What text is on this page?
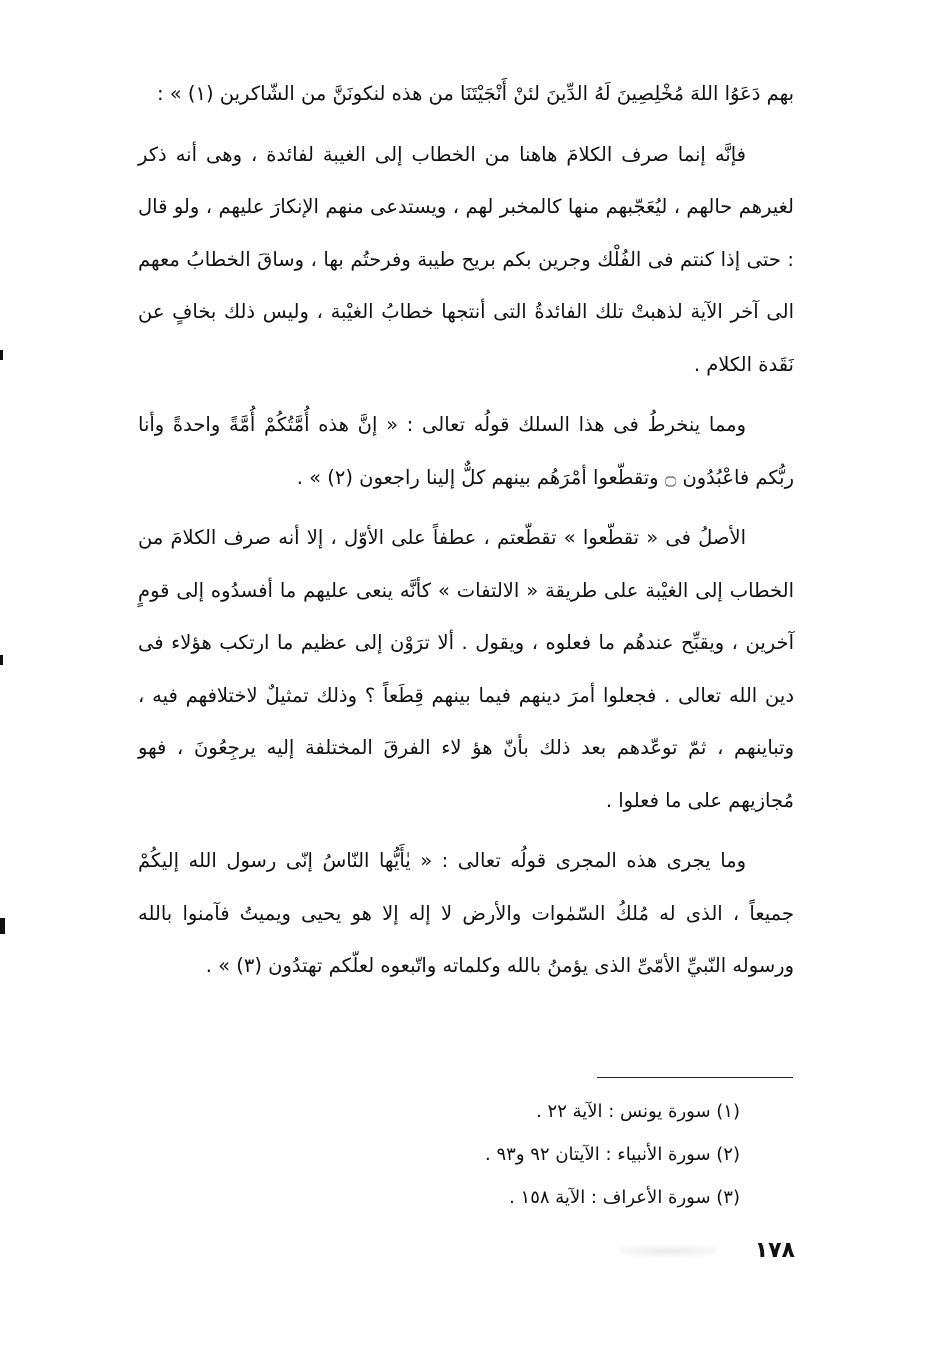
بهم دَعَوُا اللهَ مُخْلِصِينَ لَهُ الدِّينَ لئنْ أَنْجَيْتَنَا من هذه لنكونَنَّ من الشّاكرين (١) » :

فإنَّه إنما صرف الكلامَ هاهنا من الخطاب إلى الغيبة لفائدة ، وهى أنه ذكر لغيرهم حالهم ، ليُعَجّبهم منها كالمخبر لهم ، ويستدعى منهم الإنكارَ عليهم ، ولو قال : حتى إذا كنتم فى الفُلْك وجرين بكم بريح طيبة وفرحتُم بها ، وساقَ الخطابُ معهم الى آخر الآية لذهبتْ تلك الفائدةُ التى أنتجها خطابُ الغيْبة ، وليس ذلك بخافٍ عن نَقَدة الكلام .

ومما ينخرطُ فى هذا السلك قولُه تعالى : « إنَّ هذه أُمَّتُكُمْ أُمَّةً واحدةً وأنا ربُّكم فاعْبُدُون ۝ وتقطّعوا أمْرَهُم بينهم كلٌّ إلينا راجعون (٢) » .

الأصلُ فى « تقطّعوا » تقطّعتم ، عطفاً على الأوّل ، إلا أنه صرف الكلامَ من الخطاب إلى الغيْبة على طريقة « الالتفات » كأنَّه ينعى عليهم ما أفسدُوه إلى قومٍ آخرين ، ويقبِّح عندهُم ما فعلوه ، ويقول . ألا ترَوْن إلى عظيم ما ارتكب هؤلاء فى دين الله تعالى . فجعلوا أمرَ دينهم فيما بينهم قِطَعاً ؟ وذلك تمثيلٌ لاختلافهم فيه ، وتباينهم ، ثمّ توعّدهم بعد ذلك بأنّ هؤ لاء الفرقَ المختلفة إليه يرجِعُونَ ، فهو مُجازيهم على ما فعلوا .

وما يجرى هذه المجرى قولُه تعالى : « يٰأَيُّها النّاسُ إنّى رسول الله إليكُمْ جميعاً ، الذى له مُلكُ السّمٰوات والأرض لا إله إلا هو يحيى ويميتُ فآمنوا بالله ورسوله النّبيِّ الأمّىِّ الذى يؤمنُ بالله وكلماته واتّبعوه لعلّكم تهتدُون (٣) » .

(١) سورة يونس : الآية ٢٢ .

(٢) سورة الأنبياء : الآيتان ٩٢ و٩٣ .

(٣) سورة الأعراف : الآية ١٥٨ .

١٧٨
